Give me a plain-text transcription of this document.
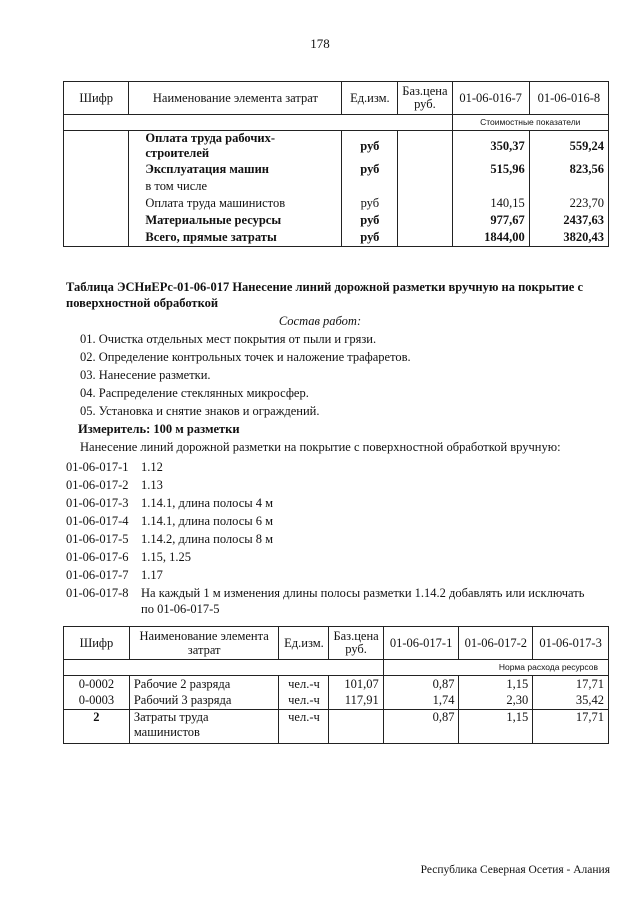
178
Шифр	Наименование элемента затрат	Ед.изм.	Баз.цена руб.	01-06-016-7	01-06-016-8
				Стоимостные показатели	
	Оплата труда рабочих-строителей	руб		350,37	559,24
	Эксплуатация машин	руб		515,96	823,56
	в том числе				
	Оплата труда машинистов	руб		140,15	223,70
	Материальные ресурсы	руб		977,67	2437,63
	Всего, прямые затраты	руб		1844,00	3820,43
Таблица ЭСНиЕРс-01-06-017 Нанесение линий дорожной разметки вручную на покрытие с
поверхностной обработкой
Состав работ:
01. Очистка отдельных мест покрытия от пыли и грязи.
02. Определение контрольных точек и наложение трафаретов.
03. Нанесение разметки.
04. Распределение стеклянных микросфер.
05. Установка и снятие знаков и ограждений.
Измеритель: 100 м разметки
Нанесение линий дорожной разметки на покрытие с поверхностной обработкой вручную:
01-06-017-1 1.12
01-06-017-2 1.13
01-06-017-3 1.14.1, длина полосы 4 м
01-06-017-4 1.14.1, длина полосы 6 м
01-06-017-5 1.14.2, длина полосы 8 м
01-06-017-6 1.15, 1.25
01-06-017-7 1.17
01-06-017-8 На каждый 1 м изменения длины полосы разметки 1.14.2 добавлять или исключать
по 01-06-017-5
Шифр	Наименование элемента затрат	Ед.изм.	Баз.цена руб.	01-06-017-1	01-06-017-2	01-06-017-3
				Норма расхода ресурсов		
0-0002	Рабочие 2 разряда	чел.-ч	101,07	0,87	1,15	17,71
0-0003	Рабочий 3 разряда	чел.-ч	117,91	1,74	2,30	35,42
2	Затраты труда машинистов	чел.-ч		0,87	1,15	17,71
Республика Северная Осетия - Алания
